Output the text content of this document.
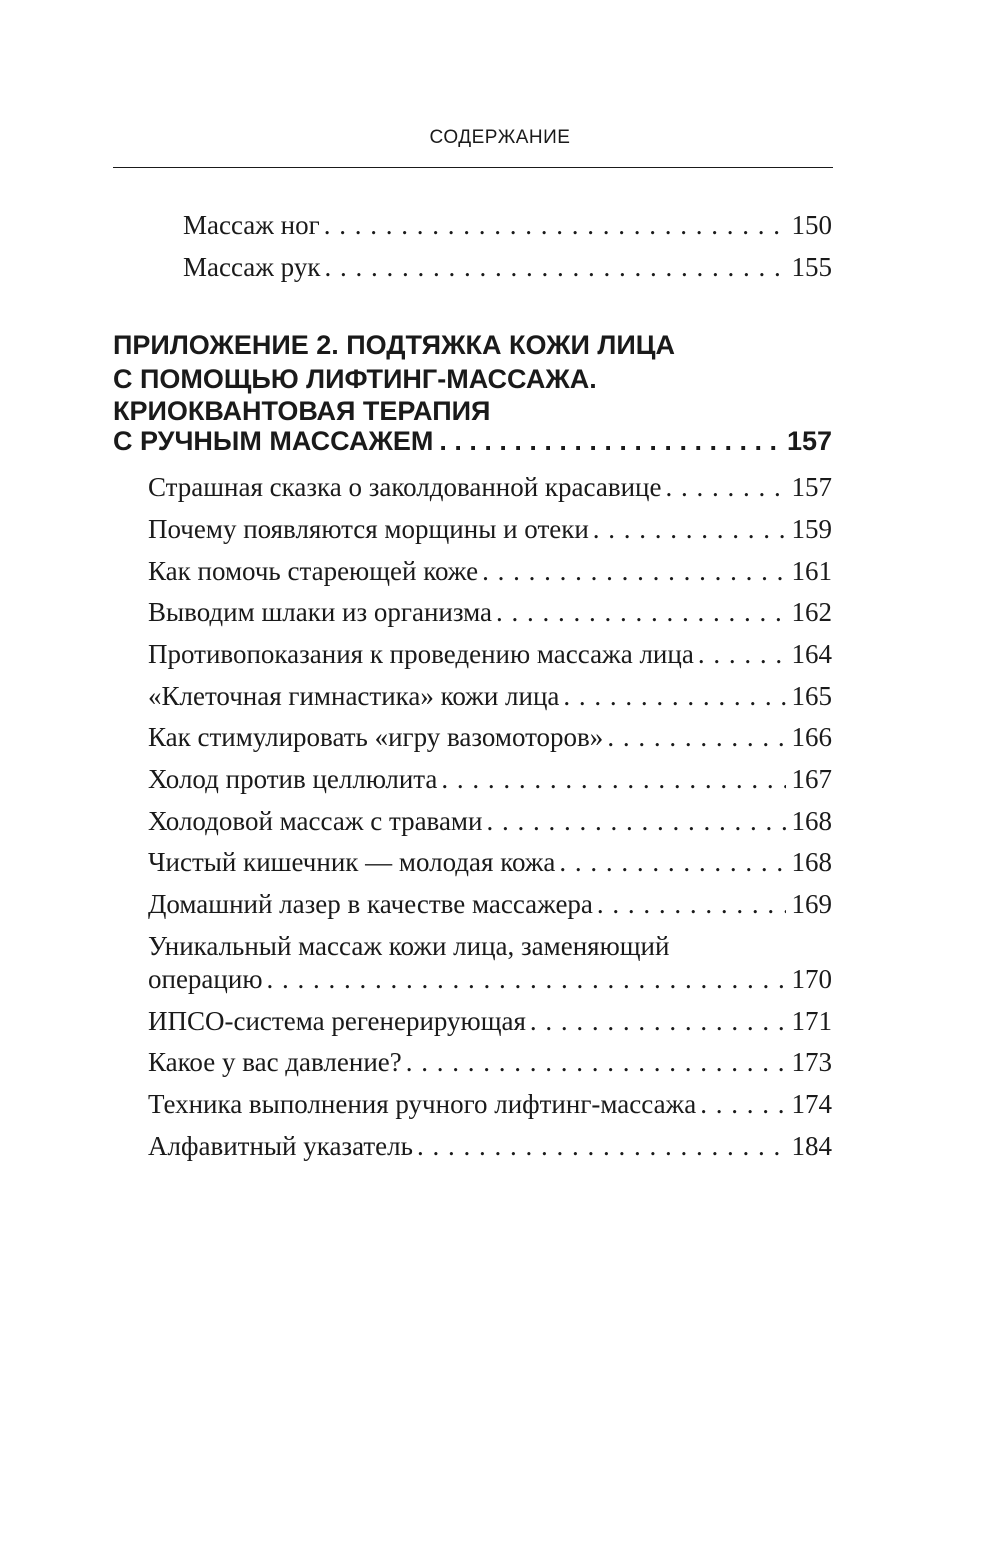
СОДЕРЖАНИЕ
Массаж ног . . .	150
Массаж рук . . .	155
ПРИЛОЖЕНИЕ 2. ПОДТЯЖКА КОЖИ ЛИЦА
С ПОМОЩЬЮ ЛИФТИНГ-МАССАЖА.
КРИОКВАНТОВАЯ ТЕРАПИЯ
С РУЧНЫМ МАССАЖЕМ . . .	157
Страшная сказка о заколдованной красавице . . .	157
Почему появляются морщины и отеки . . .	159
Как помочь стареющей коже . . .	161
Выводим шлаки из организма . . .	162
Противопоказания к проведению массажа лица . . .	164
«Клеточная гимнастика» кожи лица . . .	165
Как стимулировать «игру вазомоторов» . . .	166
Холод против целлюлита . . .	167
Холодовой массаж с травами . . .	168
Чистый кишечник — молодая кожа . . .	168
Домашний лазер в качестве массажера . . .	169
Уникальный массаж кожи лица, заменяющий
операцию . . .	170
ИПСО-система регенерирующая . . .	171
Какое у вас давление? . . .	173
Техника выполнения ручного лифтинг-массажа . . .	174
Алфавитный указатель . . .	184
